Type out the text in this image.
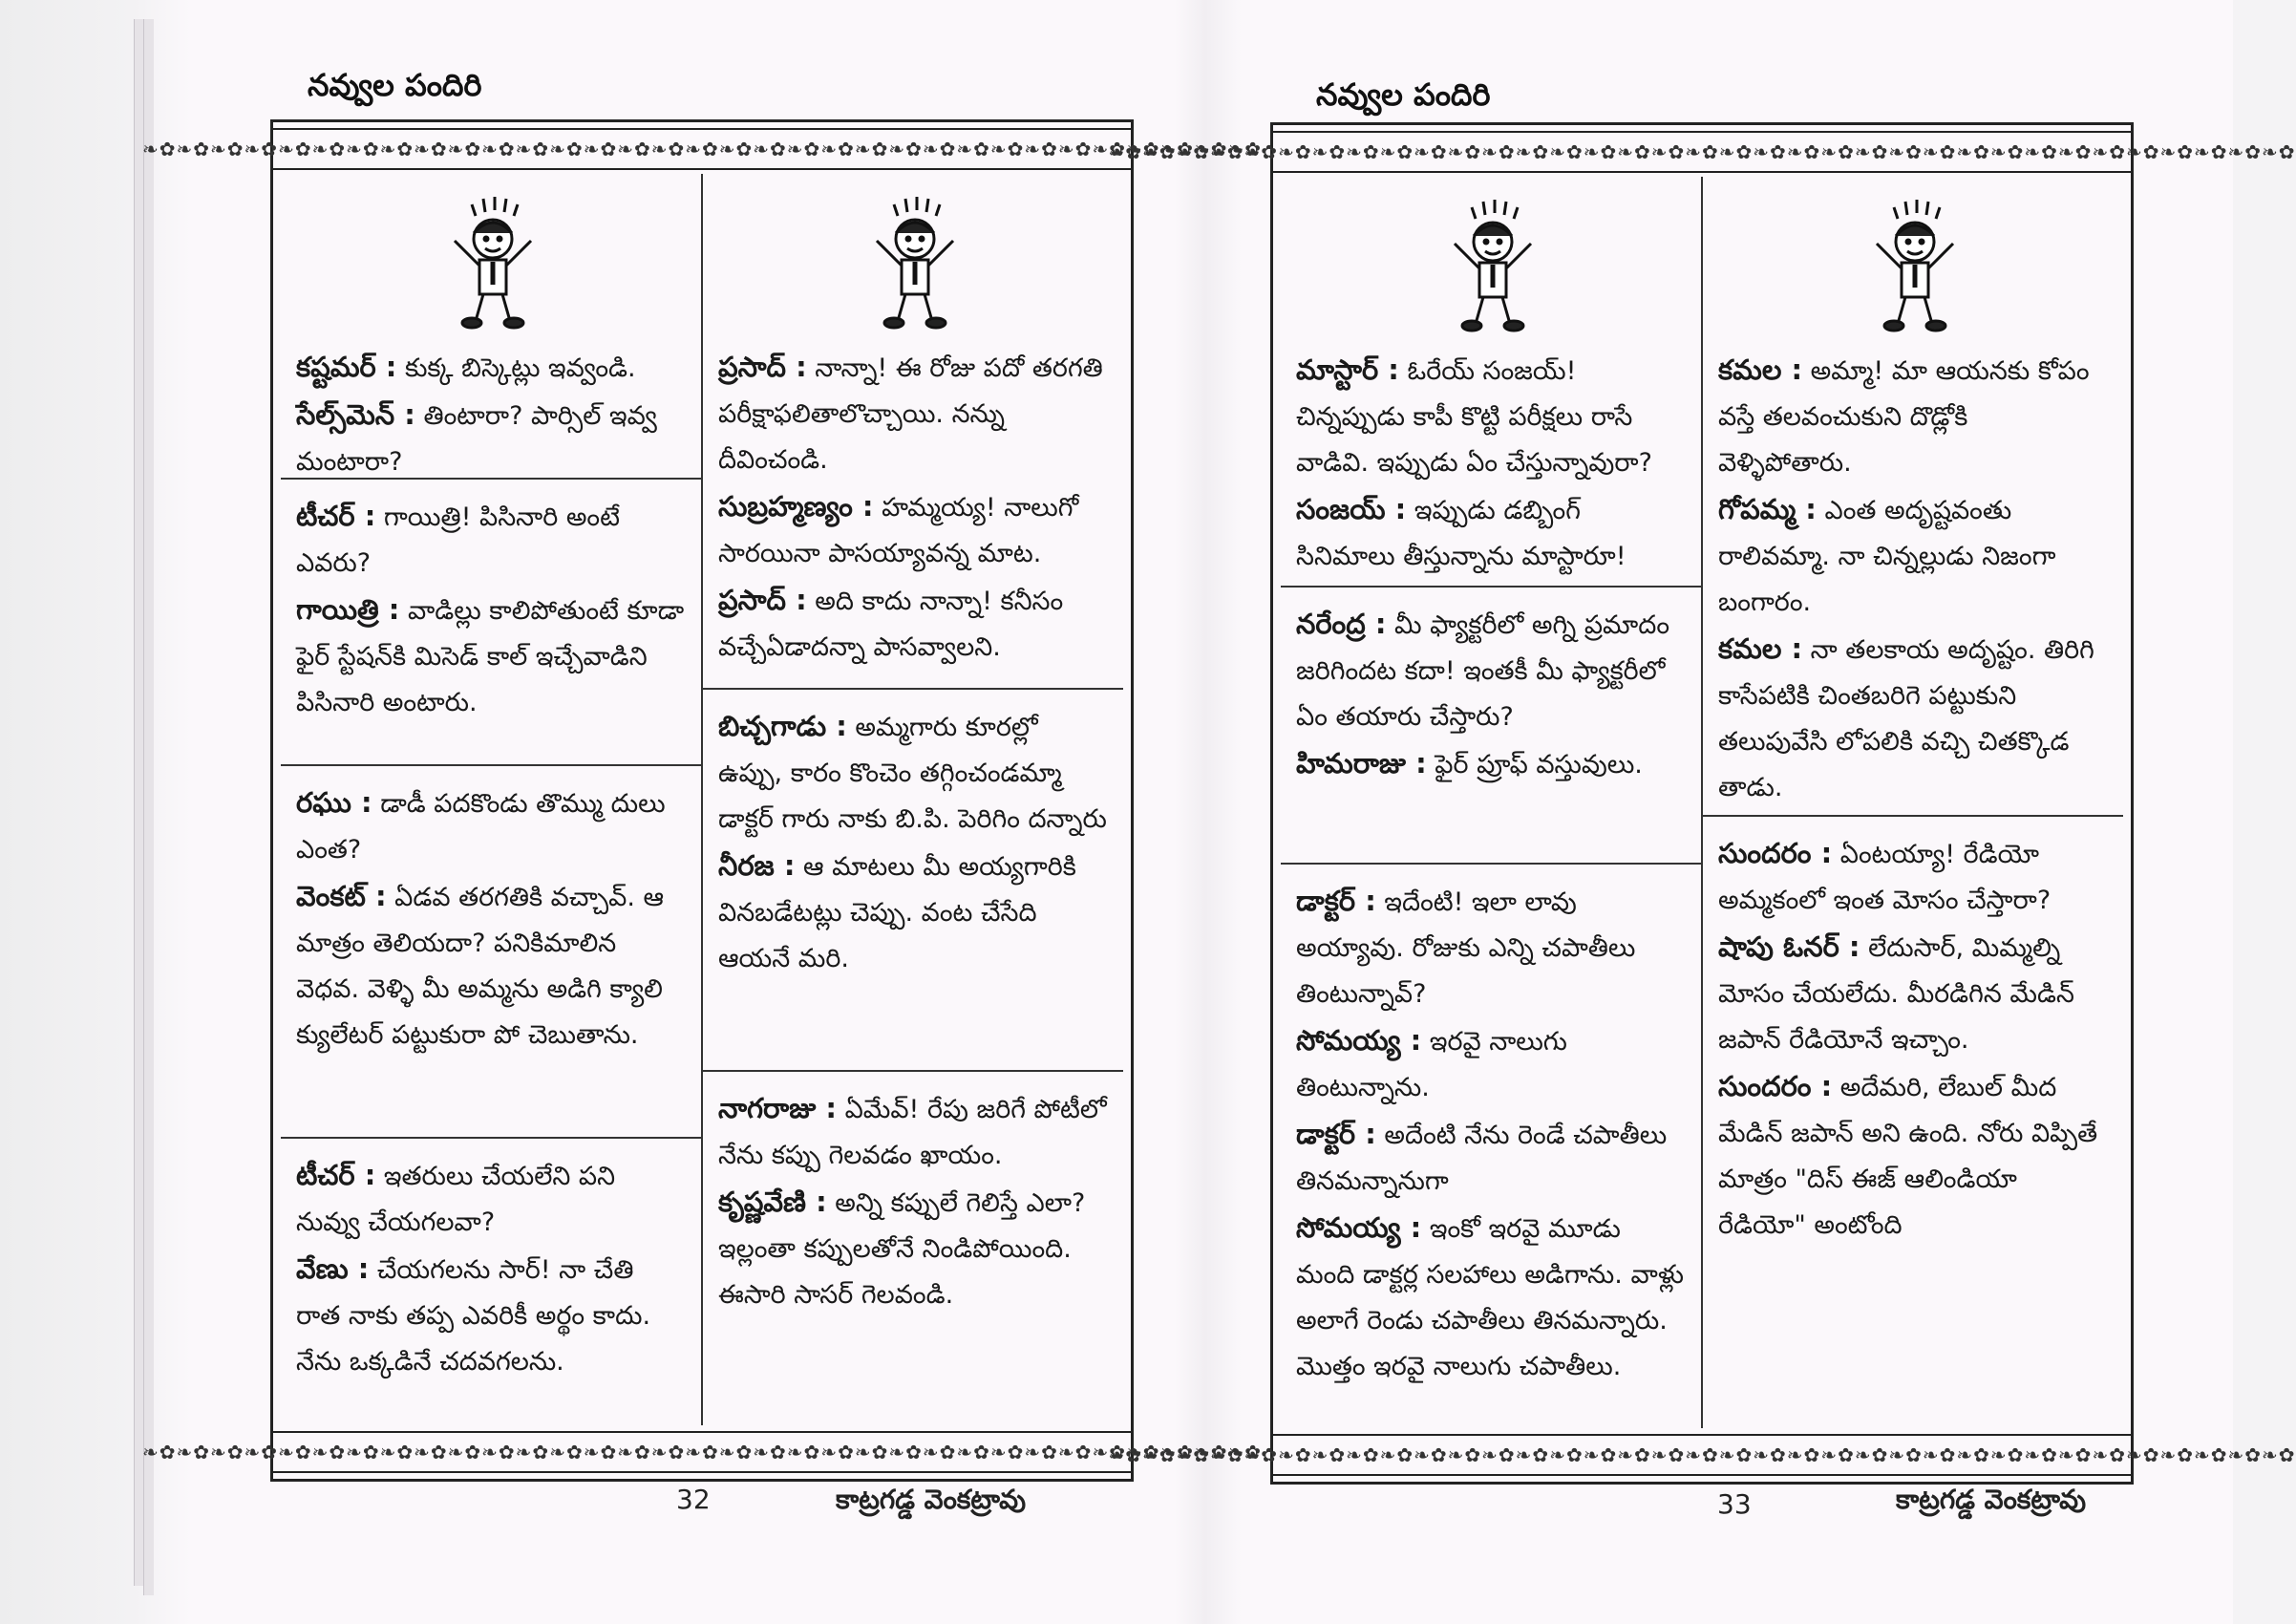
నవ్వుల పందిరి
❧✿❧✿❧✿❧✿❧✿❧✿❧✿❧✿❧✿❧✿❧✿❧✿❧✿❧✿❧✿❧✿❧✿❧✿❧✿❧✿❧✿❧✿❧✿❧✿❧✿❧✿❧✿❧✿❧✿❧✿❧✿❧✿❧✿
❧✿❧✿❧✿❧✿❧✿❧✿❧✿❧✿❧✿❧✿❧✿❧✿❧✿❧✿❧✿❧✿❧✿❧✿❧✿❧✿❧✿❧✿❧✿❧✿❧✿❧✿❧✿❧✿❧✿❧✿❧✿❧✿❧✿
కష్టమర్ : కుక్క బిస్కెట్లు ఇవ్వండి.
సేల్స్‌మెన్ : తింటారా? పార్సిల్ ఇవ్వ మంటారా?
టీచర్ : గాయిత్రి! పిసినారి అంటే ఎవరు?
గాయిత్రి : వాడిల్లు కాలిపోతుంటే కూడా ఫైర్ స్టేషన్‌కి మిసెడ్ కాల్ ఇచ్చేవాడిని పిసినారి అంటారు.
రఘు : డాడీ పదకొండు తొమ్ము దులు ఎంత?
వెంకట్ : ఏడవ తరగతికి వచ్చావ్. ఆ మాత్రం తెలియదా? పనికిమాలిన వెధవ. వెళ్ళి మీ అమ్మను అడిగి క్యాలి క్యులేటర్ పట్టుకురా పో చెబుతాను.
టీచర్ : ఇతరులు చేయలేని పని నువ్వు చేయగలవా?
వేణు : చేయగలను సార్! నా చేతి రాత నాకు తప్ప ఎవరికీ అర్థం కాదు. నేను ఒక్కడినే చదవగలను.
ప్రసాద్ : నాన్నా! ఈ రోజు పదో తరగతి పరీక్షాఫలితాలొచ్చాయి. నన్ను దీవించండి.
సుబ్రహ్మణ్యం : హమ్మయ్య! నాలుగో సారయినా పాసయ్యావన్న మాట.
ప్రసాద్ : అది కాదు నాన్నా! కనీసం వచ్చేఏడాదన్నా పాసవ్వాలని.
బిచ్చగాడు : అమ్మగారు కూరల్లో ఉప్పు, కారం కొంచెం తగ్గించండమ్మా డాక్టర్ గారు నాకు బి.పి. పెరిగిం దన్నారు
నీరజ : ఆ మాటలు మీ అయ్యగారికి వినబడేటట్లు చెప్పు. వంట చేసేది ఆయనే మరి.
నాగరాజు : ఏమేవ్! రేపు జరిగే పోటీలో నేను కప్పు గెలవడం ఖాయం.
కృష్ణవేణి : అన్ని కప్పులే గెలిస్తే ఎలా? ఇల్లంతా కప్పులతోనే నిండిపోయింది. ఈసారి సాసర్ గెలవండి.
32	కాట్రగడ్డ వెంకట్రావు
నవ్వుల పందిరి
❧✿❧✿❧✿❧✿❧✿❧✿❧✿❧✿❧✿❧✿❧✿❧✿❧✿❧✿❧✿❧✿❧✿❧✿❧✿❧✿❧✿❧✿❧✿❧✿❧✿❧✿❧✿❧✿❧✿❧✿❧✿❧✿❧✿❧✿❧✿
❧✿❧✿❧✿❧✿❧✿❧✿❧✿❧✿❧✿❧✿❧✿❧✿❧✿❧✿❧✿❧✿❧✿❧✿❧✿❧✿❧✿❧✿❧✿❧✿❧✿❧✿❧✿❧✿❧✿❧✿❧✿❧✿❧✿❧✿❧✿
మాస్టార్ : ఓరేయ్ సంజయ్! చిన్నప్పుడు కాపీ కొట్టి పరీక్షలు రాసే వాడివి. ఇప్పుడు ఏం చేస్తున్నావురా?
సంజయ్ : ఇప్పుడు డబ్బింగ్ సినిమాలు తీస్తున్నాను మాస్టారూ!
నరేంద్ర : మీ ఫ్యాక్టరీలో అగ్ని ప్రమాదం జరిగిందట కదా! ఇంతకీ మీ ఫ్యాక్టరీలో ఏం తయారు చేస్తారు?
హిమరాజు : ఫైర్ ప్రూఫ్ వస్తువులు.
డాక్టర్ : ఇదేంటి! ఇలా లావు అయ్యావు. రోజుకు ఎన్ని చపాతీలు తింటున్నావ్?
సోమయ్య : ఇరవై నాలుగు తింటున్నాను.
డాక్టర్ : అదేంటి నేను రెండే చపాతీలు తినమన్నానుగా
సోమయ్య : ఇంకో ఇరవై మూడు మంది డాక్టర్ల సలహాలు అడిగాను. వాళ్లు అలాగే రెండు చపాతీలు తినమన్నారు. మొత్తం ఇరవై నాలుగు చపాతీలు.
కమల : అమ్మా! మా ఆయనకు కోపం వస్తే తలవంచుకుని దొడ్లోకి వెళ్ళిపోతారు.
గోపమ్మ : ఎంత అదృష్టవంతు రాలివమ్మా. నా చిన్నల్లుడు నిజంగా బంగారం.
కమల : నా తలకాయ అదృష్టం. తిరిగి కాసేపటికి చింతబరిగె పట్టుకుని తలుపువేసి లోపలికి వచ్చి చితక్కొడ తాడు.
సుందరం : ఏంటయ్యా! రేడియో అమ్మకంలో ఇంత మోసం చేస్తారా?
షాపు ఓనర్ : లేదుసార్, మిమ్మల్ని మోసం చేయలేదు. మీరడిగిన మేడిన్ జపాన్ రేడియోనే ఇచ్చాం.
సుందరం : అదేమరి, లేబుల్ మీద మేడిన్ జపాన్ అని ఉంది. నోరు విప్పితే మాత్రం "దిస్ ఈజ్ ఆలిండియా రేడియో" అంటోంది
33	కాట్రగడ్డ వెంకట్రావు
